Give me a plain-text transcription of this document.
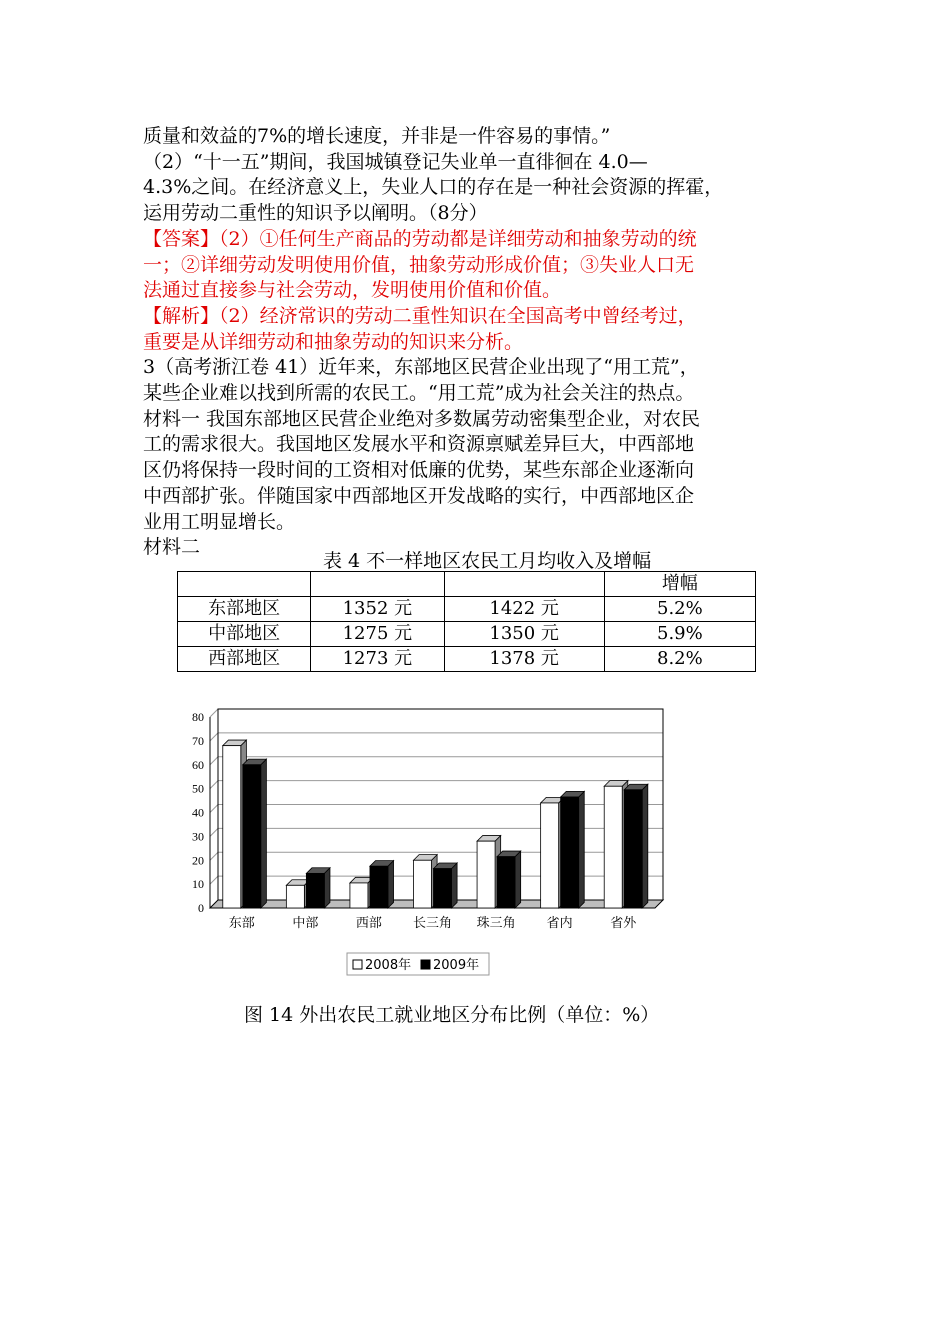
质量和效益的7%的增长速度，并非是一件容易的事情。”
（2）“十一五”期间，我国城镇登记失业单一直徘徊在 4.0—
4.3%之间。在经济意义上，失业人口的存在是一种社会资源的挥霍，
运用劳动二重性的知识予以阐明。（8分）
【答案】（2）①任何生产商品的劳动都是详细劳动和抽象劳动的统
一；②详细劳动发明使用价值，抽象劳动形成价值；③失业人口无
法通过直接参与社会劳动，发明使用价值和价值。
【解析】（2）经济常识的劳动二重性知识在全国高考中曾经考过，
重要是从详细劳动和抽象劳动的知识来分析。
3（高考浙江卷 41）近年来，东部地区民营企业出现了“用工荒”，
某些企业难以找到所需的农民工。“用工荒”成为社会关注的热点。
材料一 我国东部地区民营企业绝对多数属劳动密集型企业，对农民
工的需求很大。我国地区发展水平和资源禀赋差异巨大，中西部地
区仍将保持一段时间的工资相对低廉的优势，某些东部企业逐渐向
中西部扩张。伴随国家中西部地区开发战略的实行，中西部地区企
业用工明显增长。
材料二
表 4 不一样地区农民工月均收入及增幅
			增幅
东部地区	1352 元	1422 元	5.2%
中部地区	1275 元	1350 元	5.9%
西部地区	1273 元	1378 元	8.2%
0
10
20
30
40
50
60
70
80
东部	中部	西部 长三角 珠三角 省内	省外
2008年 2009年
图 14 外出农民工就业地区分布比例（单位：%）
